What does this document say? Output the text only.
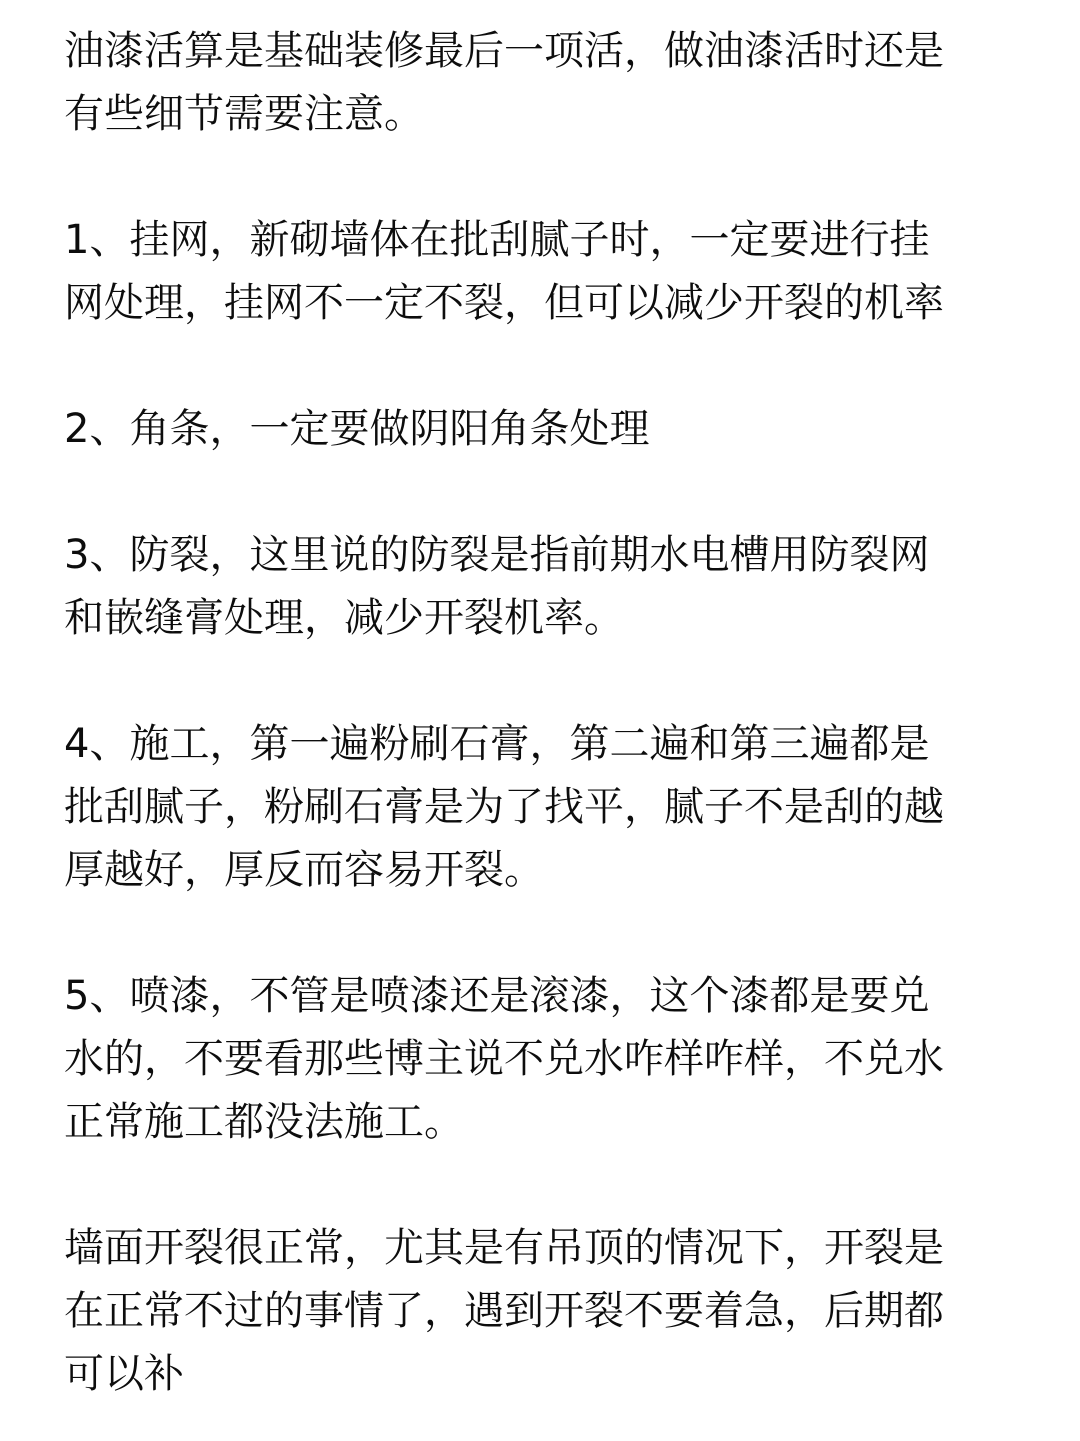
油漆活算是基础装修最后一项活，做油漆活时还是
有些细节需要注意。

1、挂网，新砌墙体在批刮腻子时，一定要进行挂
网处理，挂网不一定不裂，但可以减少开裂的机率

2、角条，一定要做阴阳角条处理

3、防裂，这里说的防裂是指前期水电槽用防裂网
和嵌缝膏处理，减少开裂机率。

4、施工，第一遍粉刷石膏，第二遍和第三遍都是
批刮腻子，粉刷石膏是为了找平，腻子不是刮的越
厚越好，厚反而容易开裂。

5、喷漆，不管是喷漆还是滚漆，这个漆都是要兑
水的，不要看那些博主说不兑水咋样咋样，不兑水
正常施工都没法施工。

墙面开裂很正常，尤其是有吊顶的情况下，开裂是
在正常不过的事情了，遇到开裂不要着急，后期都
可以补
